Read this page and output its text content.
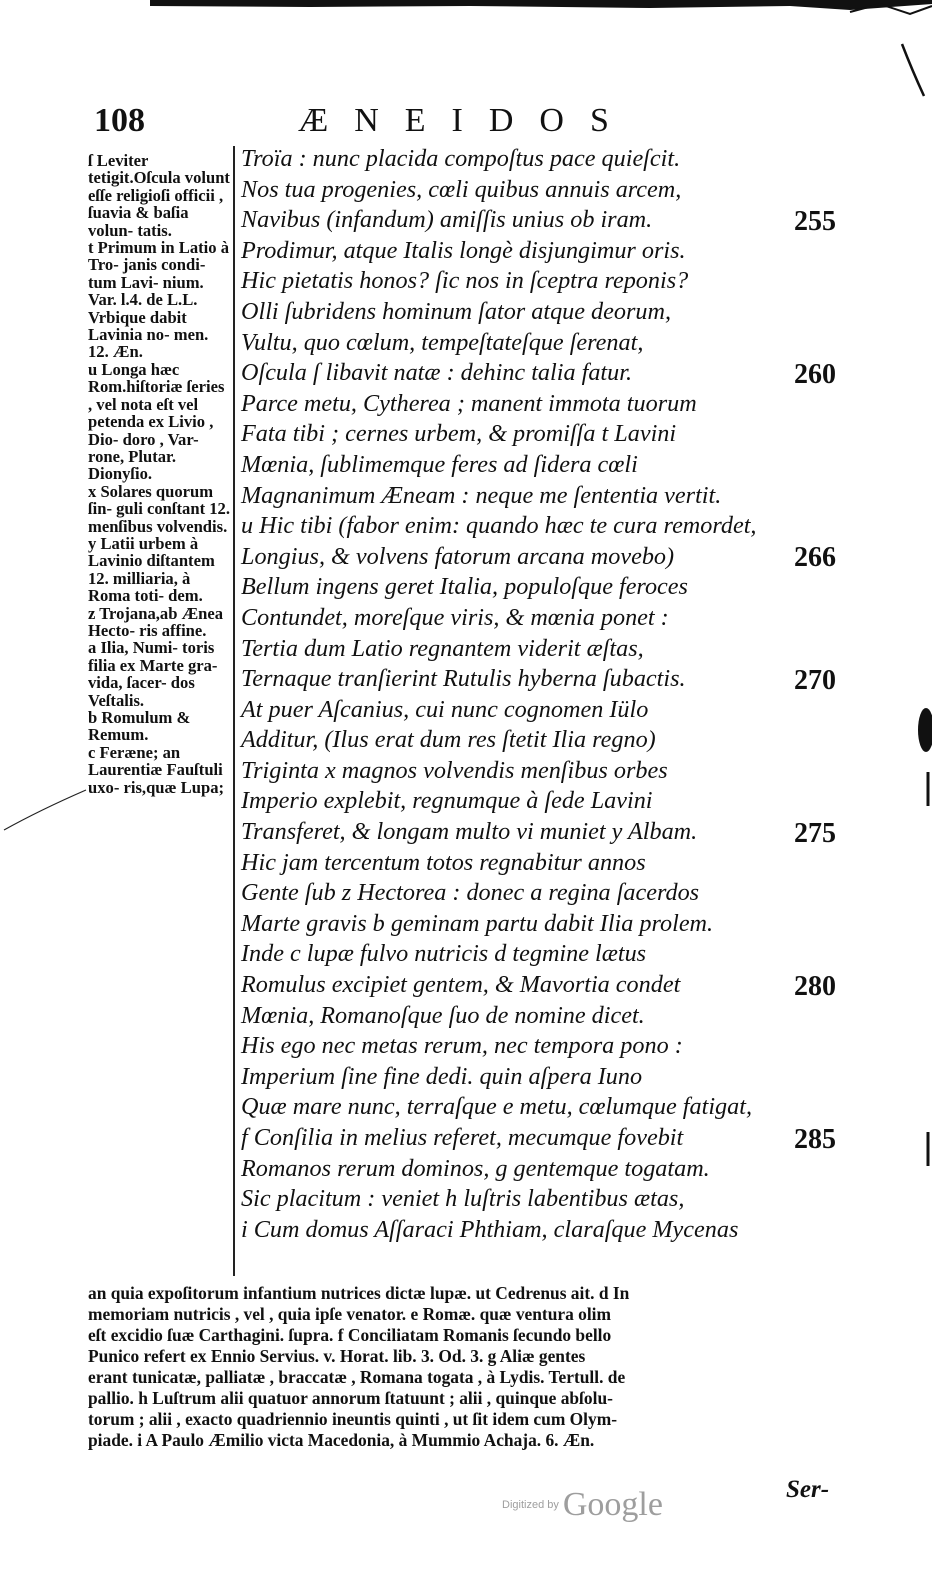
108	ÆNEIDOS
ſ Leviter tetigit.Oſcula volunt eſſe religioſi officii , ſuavia & baſia volun- tatis.
t Primum in Latio à Tro- janis condi- tum Lavi- nium. Var. l.4. de L.L. Vrbique dabit Lavinia no- men. 12. Æn.
u Longa hæc Rom.hiſtoriæ ſeries , vel nota eſt vel petenda ex Livio , Dio- doro , Var- rone, Plutar. Dionyſio.
x Solares quorum ſin- guli conſtant 12. menſibus volvendis.
y Latii urbem à Lavinio diſtantem 12. milliaria, à Roma toti- dem.
z Trojana,ab Ænea Hecto- ris affine.
a Ilia, Numi- toris filia ex Marte gra- vida, ſacer- dos Veſtalis.
b Romulum & Remum.
c Feræne; an Laurentiæ Fauſtuli uxo- ris,quæ Lupa;
Troïa : nunc placida compoſtus pace quieſcit.
Nos tua progenies, cœli quibus annuis arcem,
Navibus (infandum) amiſſis unius ob iram.
Prodimur, atque Italis longè disjungimur oris.
Hic pietatis honos? ſic nos in ſceptra reponis?
Olli ſubridens hominum ſator atque deorum,
Vultu, quo cœlum, tempeſtateſque ſerenat,
Oſcula ſ libavit natæ : dehinc talia fatur.
Parce metu, Cytherea ; manent immota tuorum
Fata tibi ; cernes urbem, & promiſſa t Lavini
Mœnia, ſublimemque feres ad ſidera cœli
Magnanimum Æneam : neque me ſententia vertit.
u Hic tibi (fabor enim: quando hæc te cura remordet,
Longius, & volvens fatorum arcana movebo)
Bellum ingens geret Italia, populoſque feroces
Contundet, moreſque viris, & mœnia ponet :
Tertia dum Latio regnantem viderit æſtas,
Ternaque tranſierint Rutulis hyberna ſubactis.
At puer Aſcanius, cui nunc cognomen Iülo
Additur, (Ilus erat dum res ſtetit Ilia regno)
Triginta x magnos volvendis menſibus orbes
Imperio explebit, regnumque à ſede Lavini
Transferet, & longam multo vi muniet y Albam.
Hic jam tercentum totos regnabitur annos
Gente ſub z Hectorea : donec a regina ſacerdos
Marte gravis b geminam partu dabit Ilia prolem.
Inde c lupæ fulvo nutricis d tegmine lætus
Romulus excipiet gentem, & Mavortia condet
Mœnia, Romanoſque ſuo de nomine dicet.
His ego nec metas rerum, nec tempora pono :
Imperium ſine fine dedi. quin aſpera Iuno
Quæ mare nunc, terraſque e metu, cœlumque fatigat,
f Conſilia in melius referet, mecumque fovebit
Romanos rerum dominos, g gentemque togatam.
Sic placitum : veniet h luſtris labentibus ætas,
i Cum domus Aſſaraci Phthiam, claraſque Mycenas
255
260
266
270
275
280
285
an quia expoſitorum infantium nutrices dictæ lupæ. ut Cedrenus ait. d In
memoriam nutricis , vel , quia ipſe venator. e Romæ. quæ ventura olim
eſt excidio ſuæ Carthagini. ſupra. f Conciliatam Romanis ſecundo bello
Punico refert ex Ennio Servius. v. Horat. lib. 3. Od. 3. g Aliæ gentes
erant tunicatæ, palliatæ , braccatæ , Romana togata , à Lydis. Tertull. de
pallio. h Luſtrum alii quatuor annorum ſtatuunt ; alii , quinque abſolu-
torum ; alii , exacto quadriennio ineuntis quinti , ut ſit idem cum Olym-
piade. i A Paulo Æmilio victa Macedonia, à Mummio Achaja. 6. Æn.
Digitized by Google	Ser-
